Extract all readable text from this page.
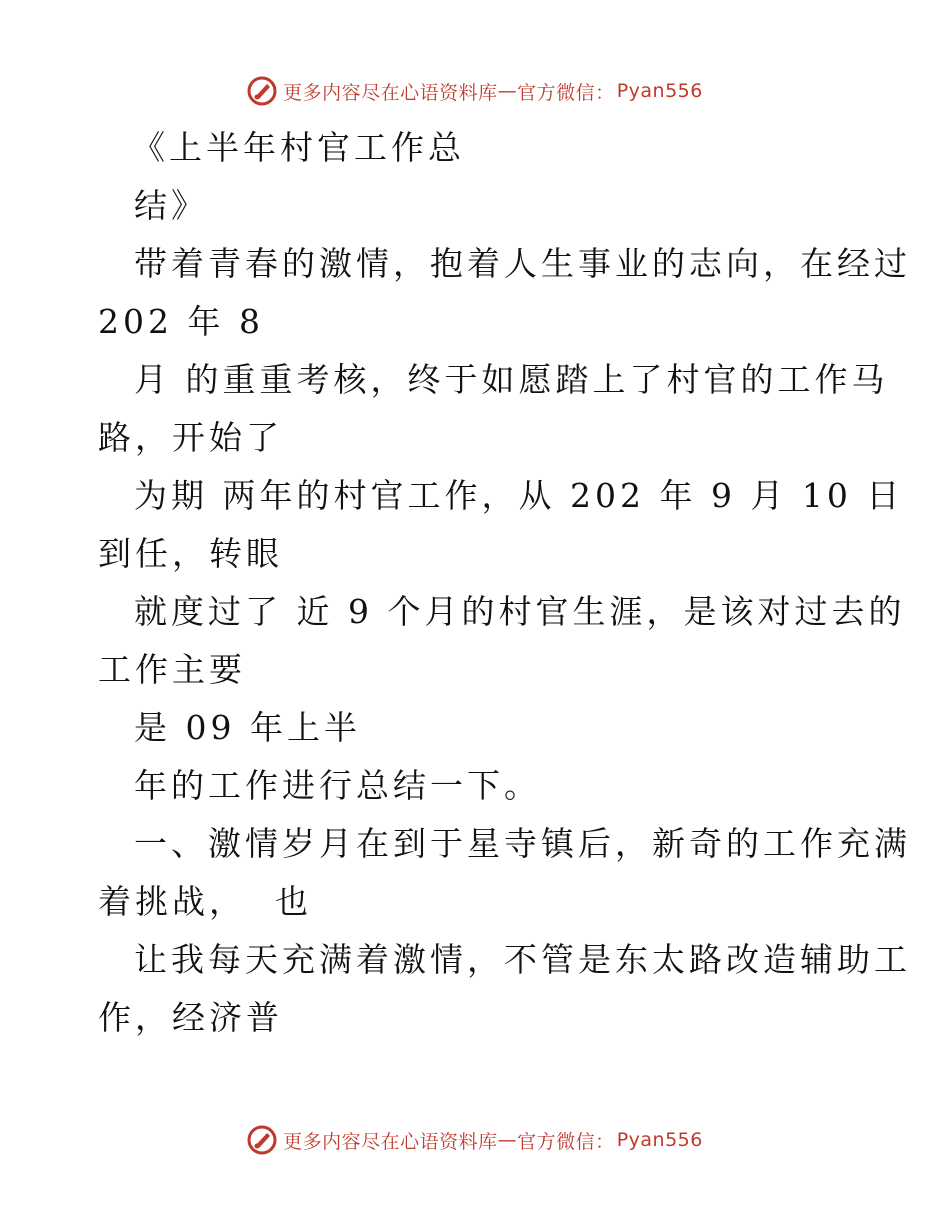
更多内容尽在心语资料库 — 官方微信： Pyan556
《上半年村官工作总
结》
带着青春的激情，抱着人生事业的志向，在经过
202 年 8
月 的重重考核，终于如愿踏上了村官的工作马
路，开始了
为期 两年的村官工作，从 202 年 9 月 10 日
到任，转眼
就度过了 近 9 个月的村官生涯，是该对过去的
工作主要
是 09 年上半
年的工作进行总结一下。
一、激情岁月在到于星寺镇后，新奇的工作充满
着挑战，  也
让我每天充满着激情，不管是东太路改造辅助工
作，经济普
更多内容尽在心语资料库 — 官方微信： Pyan556
